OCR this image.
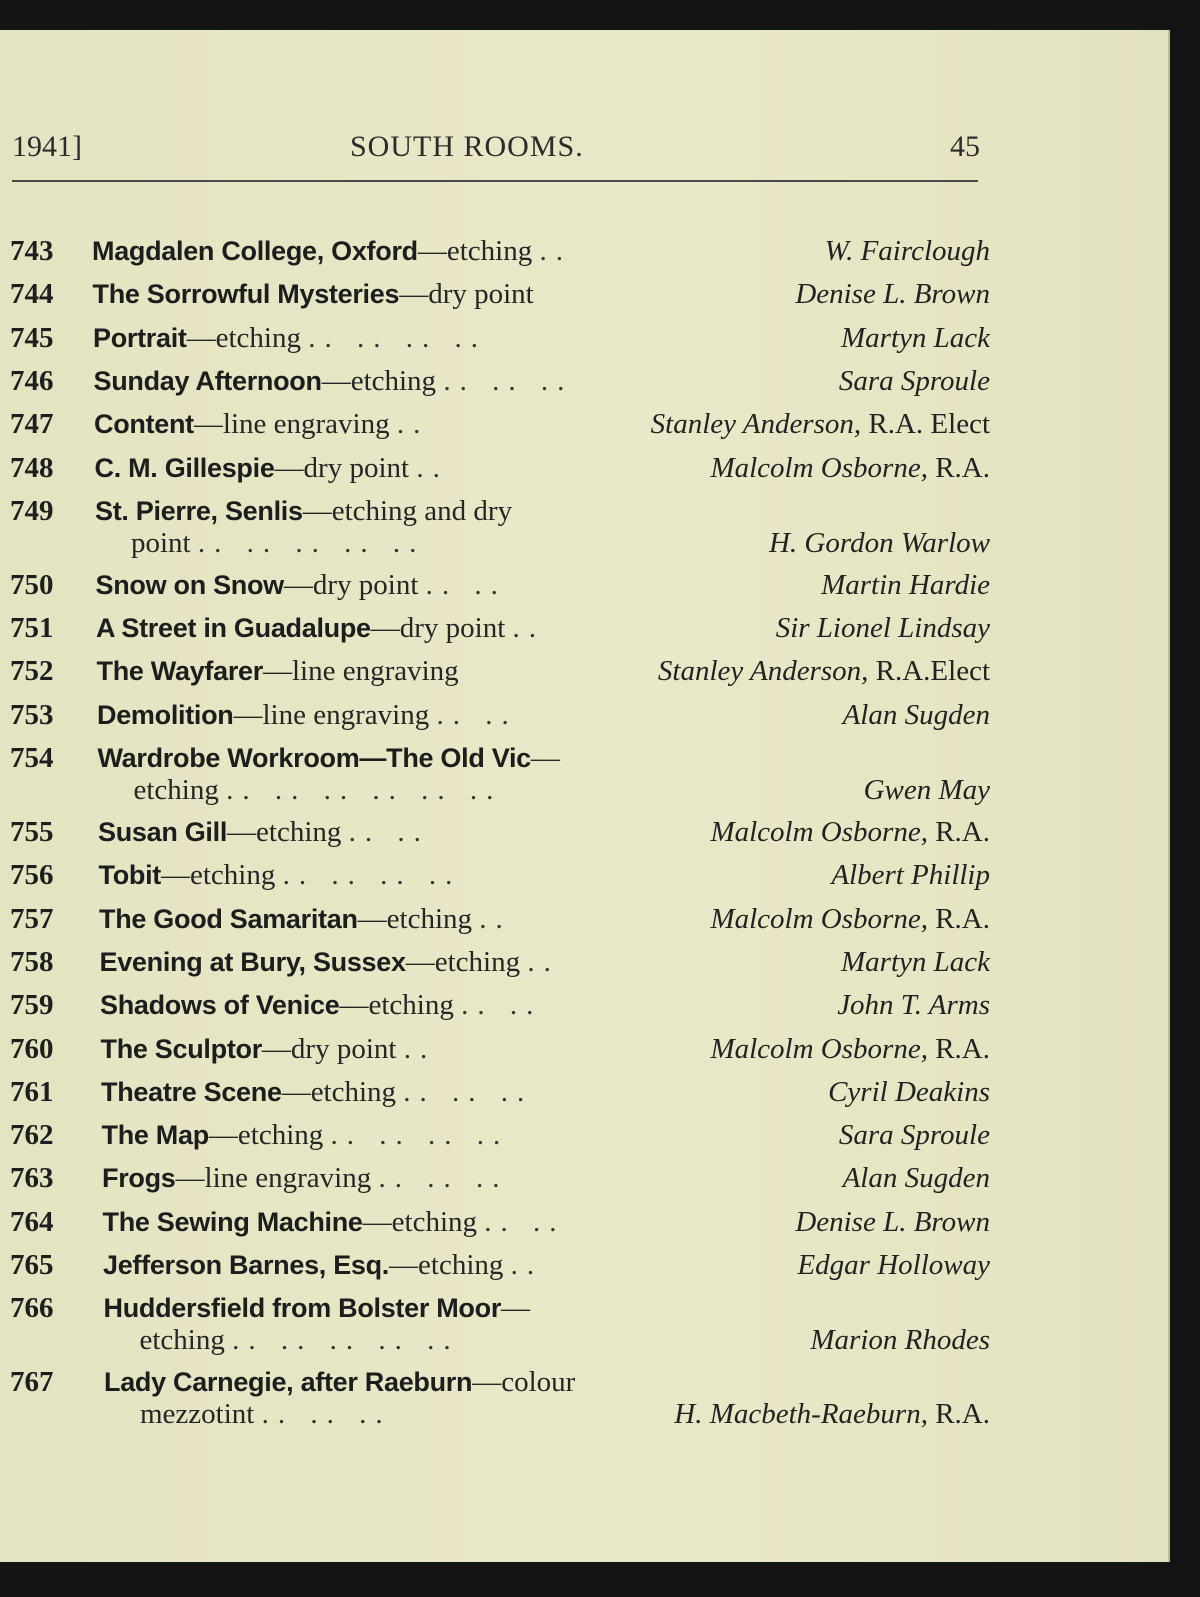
1941]	SOUTH ROOMS.	45
743 Magdalen College, Oxford—etching ..	W. Fairclough
744 The Sorrowful Mysteries—dry point	Denise L. Brown
745 Portrait—etching .. .. .. ..	Martyn Lack
746 Sunday Afternoon—etching .. .. ..	Sara Sproule
747 Content—line engraving ..	Stanley Anderson, R.A. Elect
748 C. M. Gillespie—dry point ..	Malcolm Osborne, R.A.
749 St. Pierre, Senlis—etching and dry
point .. .. .. .. ..	H. Gordon Warlow
750 Snow on Snow—dry point .. ..	Martin Hardie
751 A Street in Guadalupe—dry point ..	Sir Lionel Lindsay
752 The Wayfarer—line engraving	Stanley Anderson, R.A.Elect
753 Demolition—line engraving .. ..	Alan Sugden
754 Wardrobe Workroom—The Old Vic—
etching .. .. .. .. .. ..	Gwen May
755 Susan Gill—etching .. ..	Malcolm Osborne, R.A.
756 Tobit—etching .. .. .. ..	Albert Phillip
757 The Good Samaritan—etching ..	Malcolm Osborne, R.A.
758 Evening at Bury, Sussex—etching ..	Martyn Lack
759 Shadows of Venice—etching .. ..	John T. Arms
760 The Sculptor—dry point ..	Malcolm Osborne, R.A.
761 Theatre Scene—etching .. .. ..	Cyril Deakins
762 The Map—etching .. .. .. ..	Sara Sproule
763 Frogs—line engraving .. .. ..	Alan Sugden
764 The Sewing Machine—etching .. ..	Denise L. Brown
765 Jefferson Barnes, Esq.—etching ..	Edgar Holloway
766 Huddersfield from Bolster Moor—
etching .. .. .. .. ..	Marion Rhodes
767 Lady Carnegie, after Raeburn—colour
mezzotint .. .. ..	H. Macbeth-Raeburn, R.A.
